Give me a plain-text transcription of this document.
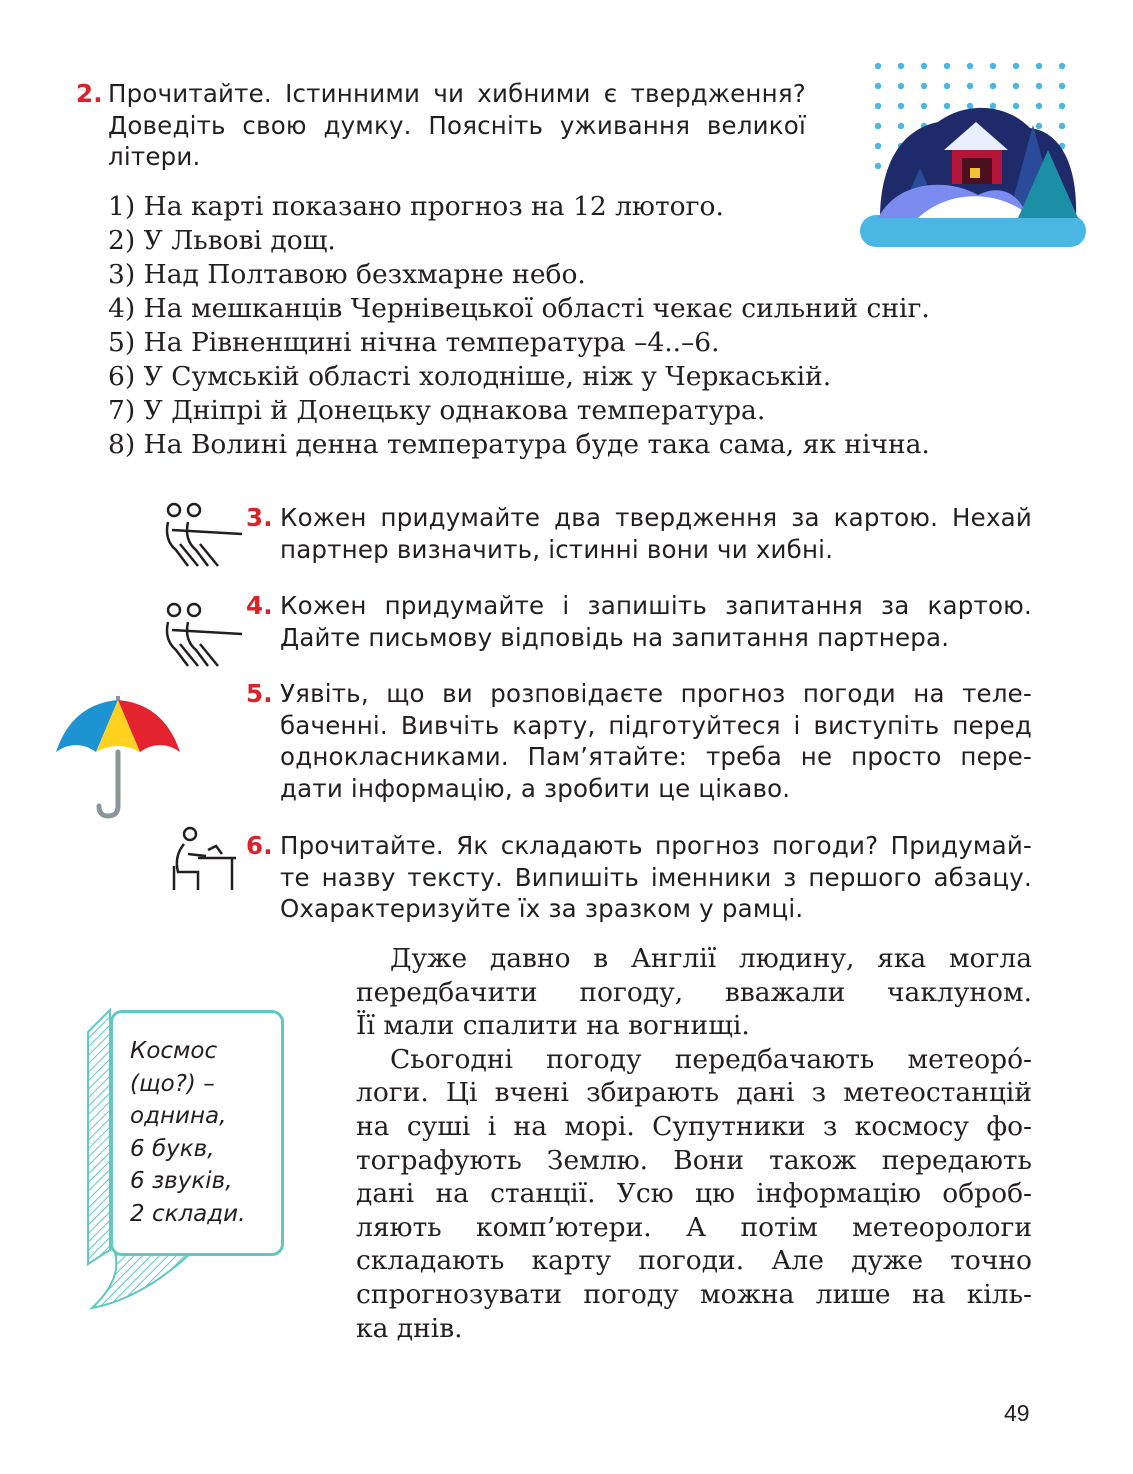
2. Прочитайте. Істинними чи хибними є твердження?
Доведіть свою думку. Поясніть уживання великої
літери.
1) На карті показано прогноз на 12 лютого.
2) У Львові дощ.
3) Над Полтавою безхмарне небо.
4) На мешканців Чернівецької області чекає сильний сніг.
5) На Рівненщині нічна температура –4..–6.
6) У Сумській області холодніше, ніж у Черкаській.
7) У Дніпрі й Донецьку однакова температура.
8) На Волині денна температура буде така сама, як нічна.
3. Кожен придумайте два твердження за картою. Нехай
партнер визначить, істинні вони чи хибні.
4. Кожен придумайте і запишіть запитання за картою.
Дайте письмову відповідь на запитання партнера.
5. Уявіть, що ви розповідаєте прогноз погоди на теле-
баченні. Вивчіть карту, підготуйтеся і виступіть перед
однокласниками. Пам’ятайте: треба не просто пере-
дати інформацію, а зробити це цікаво.
6. Прочитайте. Як складають прогноз погоди? Придумай-
те назву тексту. Випишіть іменники з першого абзацу.
Охарактеризуйте їх за зразком у рамці.
Космос
(що?) –
однина,
6 букв,
6 звуків,
2 склади.
Дуже давно в Англії людину, яка могла
передбачити погоду, вважали чаклуном.
Її мали спалити на вогнищі.
Сьогодні погоду передбачають метеоро́-
логи. Ці вчені збирають дані з метеостанцій
на суші і на морі. Супутники з космосу фо-
тографують Землю. Вони також передають
дані на станції. Усю цю інформацію оброб-
ляють комп’ютери. А потім метеорологи
складають карту погоди. Але дуже точно
спрогнозувати погоду можна лише на кіль-
ка днів.
49
